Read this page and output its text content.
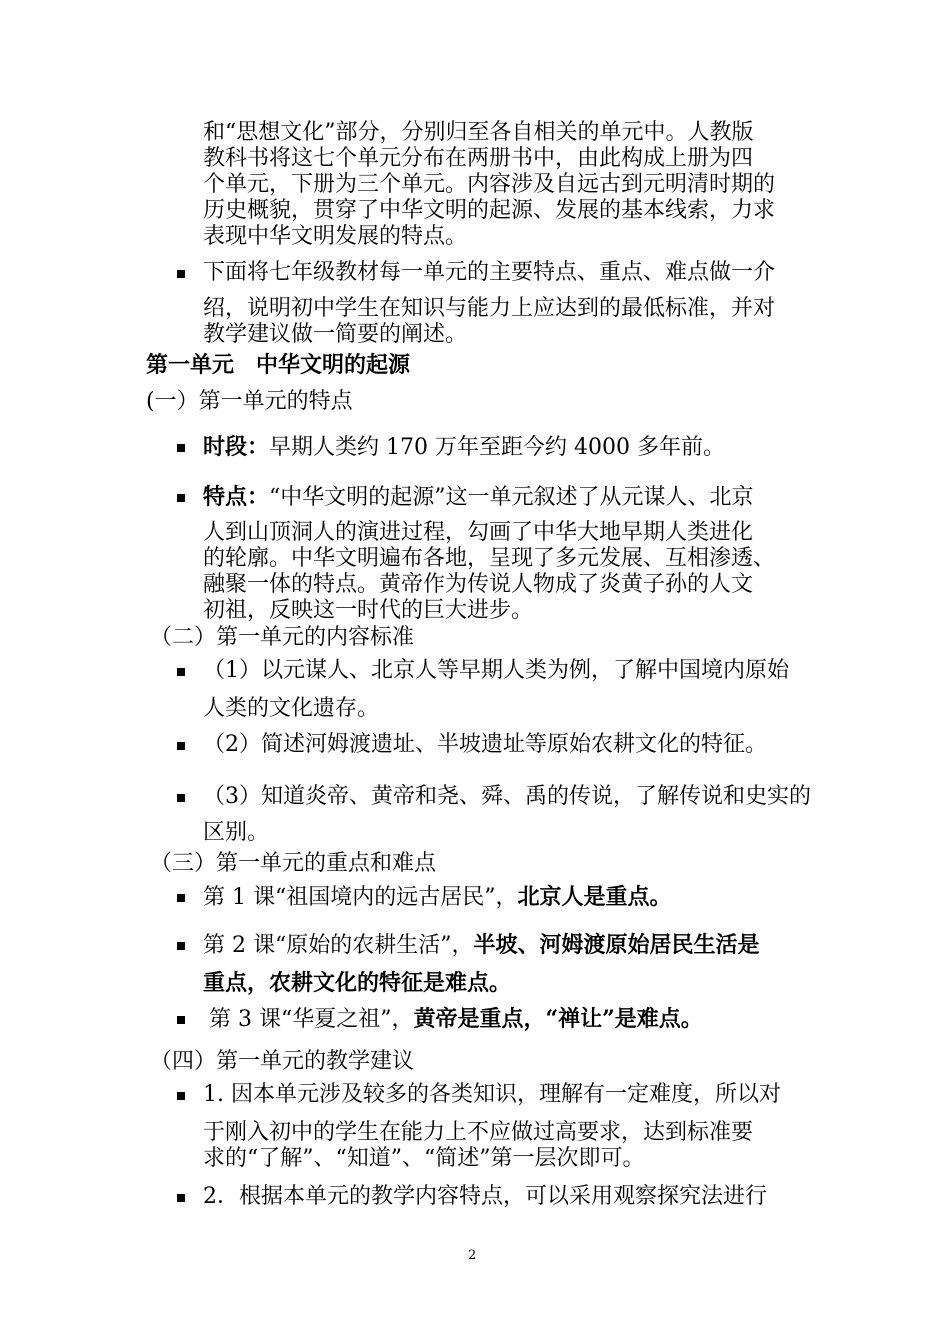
和“思想文化”部分，分别归至各自相关的单元中。人教版

教科书将这七个单元分布在两册书中，由此构成上册为四

个单元，下册为三个单元。内容涉及自远古到元明清时期的

历史概貌，贯穿了中华文明的起源、发展的基本线索，力求

表现中华文明发展的特点。

下面将七年级教材每一单元的主要特点、重点、难点做一介

绍，说明初中学生在知识与能力上应达到的最低标准，并对

教学建议做一简要的阐述。

第一单元　中华文明的起源
(一）第一单元的特点

时段：早期人类约 170 万年至距今约 4000 多年前。

特点：“中华文明的起源”这一单元叙述了从元谋人、北京

人到山顶洞人的演进过程，勾画了中华大地早期人类进化

的轮廓。中华文明遍布各地，呈现了多元发展、互相渗透、

融聚一体的特点。黄帝作为传说人物成了炎黄子孙的人文

初祖，反映这一时代的巨大进步。

（二）第一单元的内容标准

（1）以元谋人、北京人等早期人类为例，了解中国境内原始

人类的文化遗存。

（2）简述河姆渡遗址、半坡遗址等原始农耕文化的特征。

（3）知道炎帝、黄帝和尧、舜、禹的传说，了解传说和史实的

区别。

（三）第一单元的重点和难点

第 1 课“祖国境内的远古居民”，北京人是重点。

第 2 课“原始的农耕生活”，半坡、河姆渡原始居民生活是

重点，农耕文化的特征是难点。

第 3 课“华夏之祖”，黄帝是重点，“禅让”是难点。

（四）第一单元的教学建议

1. 因本单元涉及较多的各类知识，理解有一定难度，所以对

于刚入初中的学生在能力上不应做过高要求，达到标准要

求的“了解”、“知道”、“简述”第一层次即可。

2．根据本单元的教学内容特点，可以采用观察探究法进行

2
